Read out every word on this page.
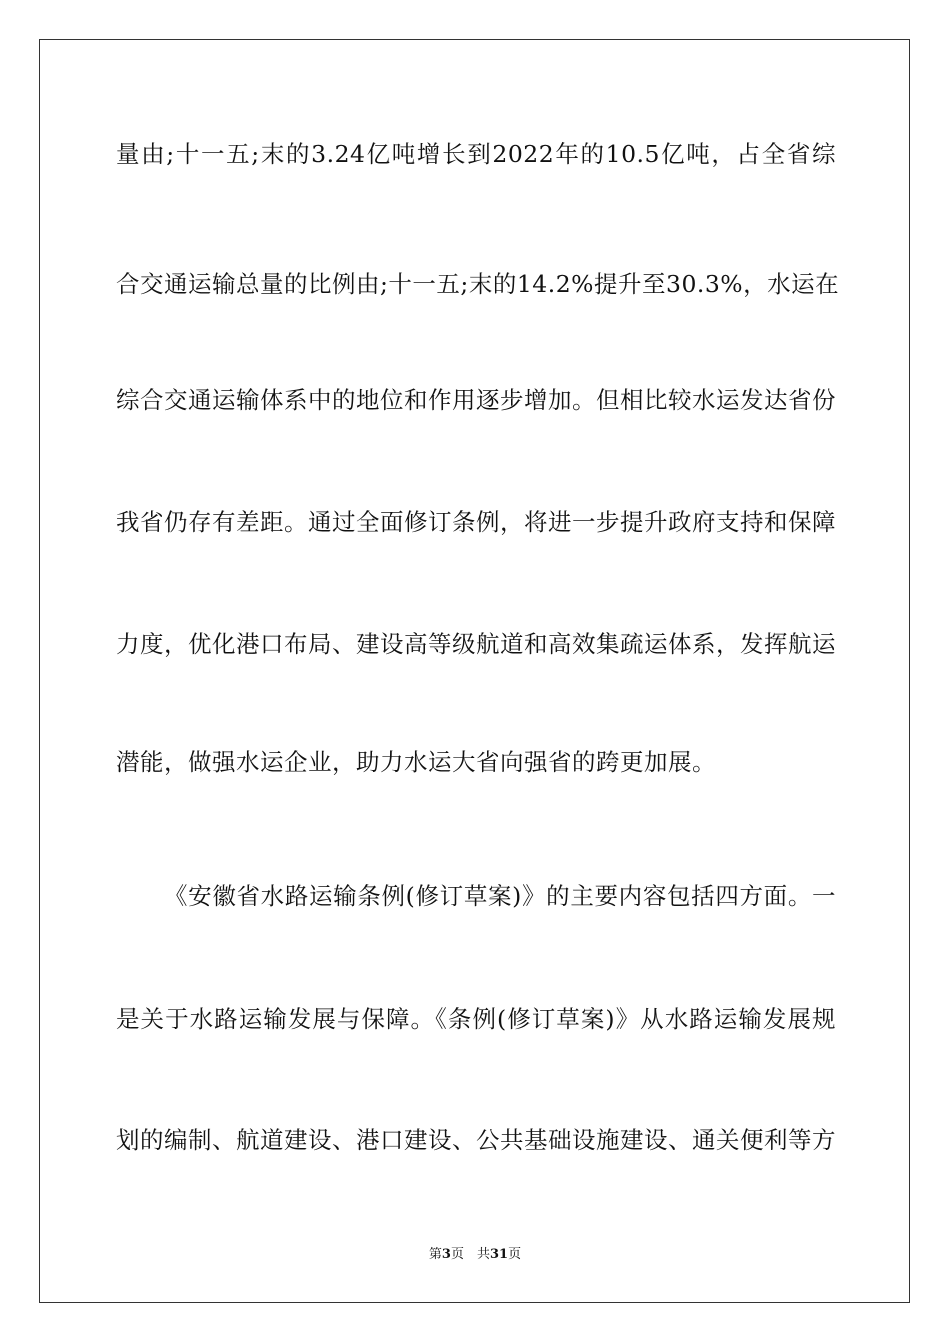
量由;十一五;末的3.24亿吨增长到2022年的10.5亿吨，占全省综
合交通运输总量的比例由;十一五;末的14.2%提升至30.3%，水运在
综合交通运输体系中的地位和作用逐步增加。但相比较水运发达省份
我省仍存有差距。通过全面修订条例，将进一步提升政府支持和保障
力度，优化港口布局、建设高等级航道和高效集疏运体系，发挥航运
潜能，做强水运企业，助力水运大省向强省的跨更加展。
《安徽省水路运输条例(修订草案)》的主要内容包括四方面。一
是关于水路运输发展与保障。《条例(修订草案)》从水路运输发展规
划的编制、航道建设、港口建设、公共基础设施建设、通关便利等方
第3页　共31页
